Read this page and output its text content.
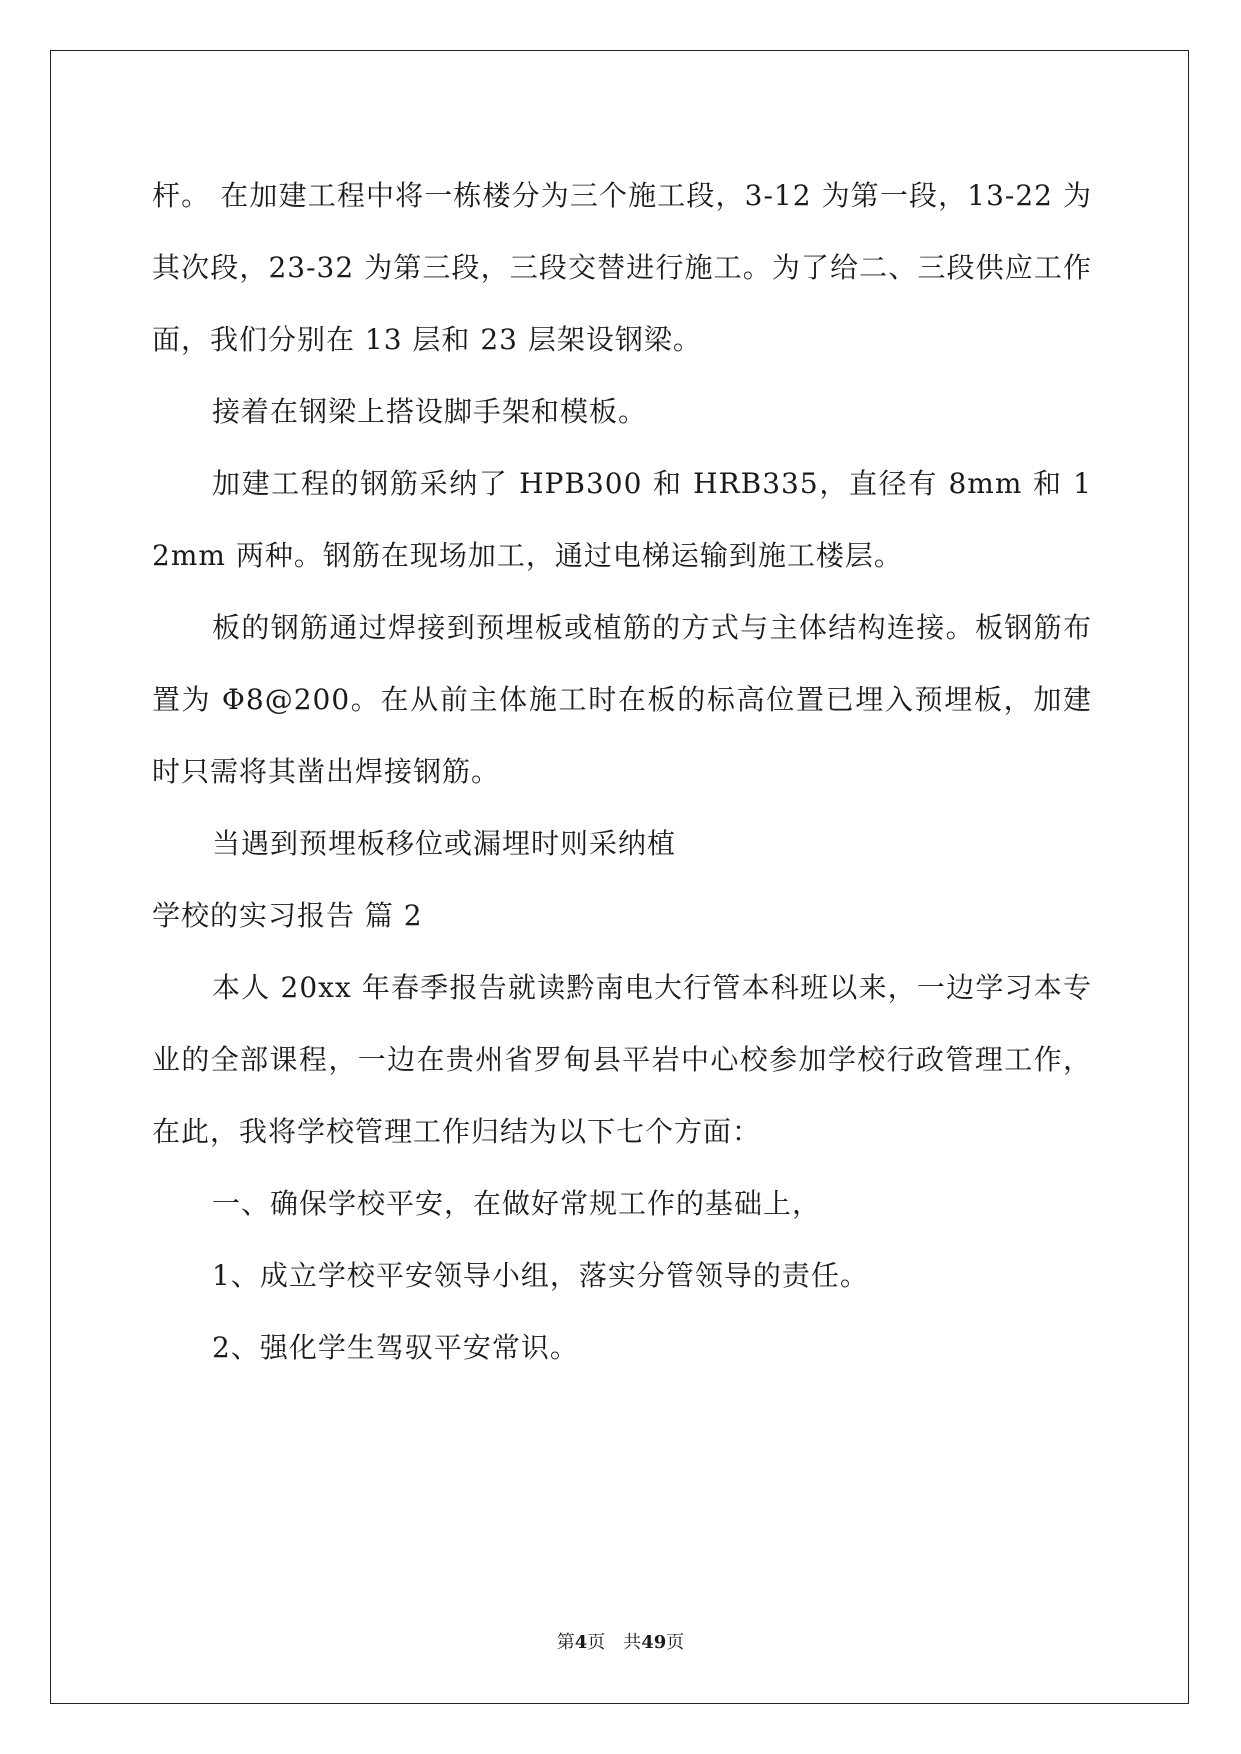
杆。 在加建工程中将一栋楼分为三个施工段，3-12 为第一段，13-22 为其次段，23-32 为第三段，三段交替进行施工。为了给二、三段供应工作面，我们分别在 13 层和 23 层架设钢梁。

接着在钢梁上搭设脚手架和模板。

加建工程的钢筋采纳了 HPB300 和 HRB335，直径有 8mm 和 12mm 两种。钢筋在现场加工，通过电梯运输到施工楼层。

板的钢筋通过焊接到预埋板或植筋的方式与主体结构连接。板钢筋布置为 Φ8@200。在从前主体施工时在板的标高位置已埋入预埋板，加建时只需将其凿出焊接钢筋。

当遇到预埋板移位或漏埋时则采纳植

学校的实习报告 篇 2

本人 20xx 年春季报告就读黔南电大行管本科班以来，一边学习本专业的全部课程，一边在贵州省罗甸县平岩中心校参加学校行政管理工作，在此，我将学校管理工作归结为以下七个方面：

一、确保学校平安，在做好常规工作的基础上，

1、成立学校平安领导小组，落实分管领导的责任。

2、强化学生驾驭平安常识。

第4页 共49页
